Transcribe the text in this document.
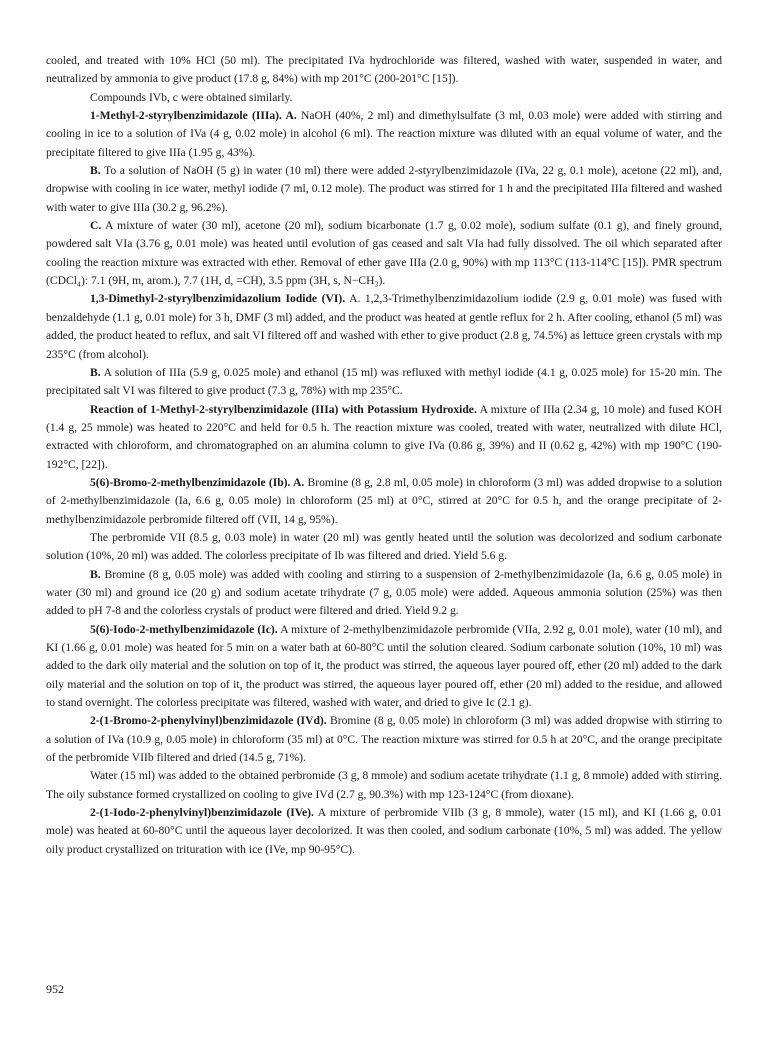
cooled, and treated with 10% HCl (50 ml). The precipitated IVa hydrochloride was filtered, washed with water, suspended in water, and neutralized by ammonia to give product (17.8 g, 84%) with mp 201°C (200-201°C [15]).

Compounds IVb, c were obtained similarly.

1-Methyl-2-styrylbenzimidazole (IIIa). A. NaOH (40%, 2 ml) and dimethylsulfate (3 ml, 0.03 mole) were added with stirring and cooling in ice to a solution of IVa (4 g, 0.02 mole) in alcohol (6 ml). The reaction mixture was diluted with an equal volume of water, and the precipitate filtered to give IIIa (1.95 g, 43%).

B. To a solution of NaOH (5 g) in water (10 ml) there were added 2-styrylbenzimidazole (IVa, 22 g, 0.1 mole), acetone (22 ml), and, dropwise with cooling in ice water, methyl iodide (7 ml, 0.12 mole). The product was stirred for 1 h and the precipitated IIIa filtered and washed with water to give IIIa (30.2 g, 96.2%).

C. A mixture of water (30 ml), acetone (20 ml), sodium bicarbonate (1.7 g, 0.02 mole), sodium sulfate (0.1 g), and finely ground, powdered salt VIa (3.76 g, 0.01 mole) was heated until evolution of gas ceased and salt VIa had fully dissolved. The oil which separated after cooling the reaction mixture was extracted with ether. Removal of ether gave IIIa (2.0 g, 90%) with mp 113°C (113-114°C [15]). PMR spectrum (CDCl₄): 7.1 (9H, m, arom.), 7.7 (1H, d, =CH), 3.5 ppm (3H, s, N−CH₃).

1,3-Dimethyl-2-styrylbenzimidazolium Iodide (VI). A. 1,2,3-Trimethylbenzimidazolium iodide (2.9 g, 0.01 mole) was fused with benzaldehyde (1.1 g, 0.01 mole) for 3 h, DMF (3 ml) added, and the product was heated at gentle reflux for 2 h. After cooling, ethanol (5 ml) was added, the product heated to reflux, and salt VI filtered off and washed with ether to give product (2.8 g, 74.5%) as lettuce green crystals with mp 235°C (from alcohol).

B. A solution of IIIa (5.9 g, 0.025 mole) and ethanol (15 ml) was refluxed with methyl iodide (4.1 g, 0.025 mole) for 15-20 min. The precipitated salt VI was filtered to give product (7.3 g, 78%) with mp 235°C.

Reaction of 1-Methyl-2-styrylbenzimidazole (IIIa) with Potassium Hydroxide. A mixture of IIIa (2.34 g, 10 mole) and fused KOH (1.4 g, 25 mmole) was heated to 220°C and held for 0.5 h. The reaction mixture was cooled, treated with water, neutralized with dilute HCl, extracted with chloroform, and chromatographed on an alumina column to give IVa (0.86 g, 39%) and II (0.62 g, 42%) with mp 190°C (190-192°C, [22]).

5(6)-Bromo-2-methylbenzimidazole (Ib). A. Bromine (8 g, 2.8 ml, 0.05 mole) in chloroform (3 ml) was added dropwise to a solution of 2-methylbenzimidazole (Ia, 6.6 g, 0.05 mole) in chloroform (25 ml) at 0°C, stirred at 20°C for 0.5 h, and the orange precipitate of 2-methylbenzimidazole perbromide filtered off (VII, 14 g, 95%).

The perbromide VII (8.5 g, 0.03 mole) in water (20 ml) was gently heated until the solution was decolorized and sodium carbonate solution (10%, 20 ml) was added. The colorless precipitate of Ib was filtered and dried. Yield 5.6 g.

B. Bromine (8 g, 0.05 mole) was added with cooling and stirring to a suspension of 2-methylbenzimidazole (Ia, 6.6 g, 0.05 mole) in water (30 ml) and ground ice (20 g) and sodium acetate trihydrate (7 g, 0.05 mole) were added. Aqueous ammonia solution (25%) was then added to pH 7-8 and the colorless crystals of product were filtered and dried. Yield 9.2 g.

5(6)-Iodo-2-methylbenzimidazole (Ic). A mixture of 2-methylbenzimidazole perbromide (VIIa, 2.92 g, 0.01 mole), water (10 ml), and KI (1.66 g, 0.01 mole) was heated for 5 min on a water bath at 60-80°C until the solution cleared. Sodium carbonate solution (10%, 10 ml) was added to the dark oily material and the solution on top of it, the product was stirred, the aqueous layer poured off, ether (20 ml) added to the dark oily material and the solution on top of it, the product was stirred, the aqueous layer poured off, ether (20 ml) added to the residue, and allowed to stand overnight. The colorless precipitate was filtered, washed with water, and dried to give Ic (2.1 g).

2-(1-Bromo-2-phenylvinyl)benzimidazole (IVd). Bromine (8 g, 0.05 mole) in chloroform (3 ml) was added dropwise with stirring to a solution of IVa (10.9 g, 0.05 mole) in chloroform (35 ml) at 0°C. The reaction mixture was stirred for 0.5 h at 20°C, and the orange precipitate of the perbromide VIIb filtered and dried (14.5 g, 71%).

Water (15 ml) was added to the obtained perbromide (3 g, 8 mmole) and sodium acetate trihydrate (1.1 g, 8 mmole) added with stirring. The oily substance formed crystallized on cooling to give IVd (2.7 g, 90.3%) with mp 123-124°C (from dioxane).

2-(1-Iodo-2-phenylvinyl)benzimidazole (IVe). A mixture of perbromide VIIb (3 g, 8 mmole), water (15 ml), and KI (1.66 g, 0.01 mole) was heated at 60-80°C until the aqueous layer decolorized. It was then cooled, and sodium carbonate (10%, 5 ml) was added. The yellow oily product crystallized on trituration with ice (IVe, mp 90-95°C).

952
